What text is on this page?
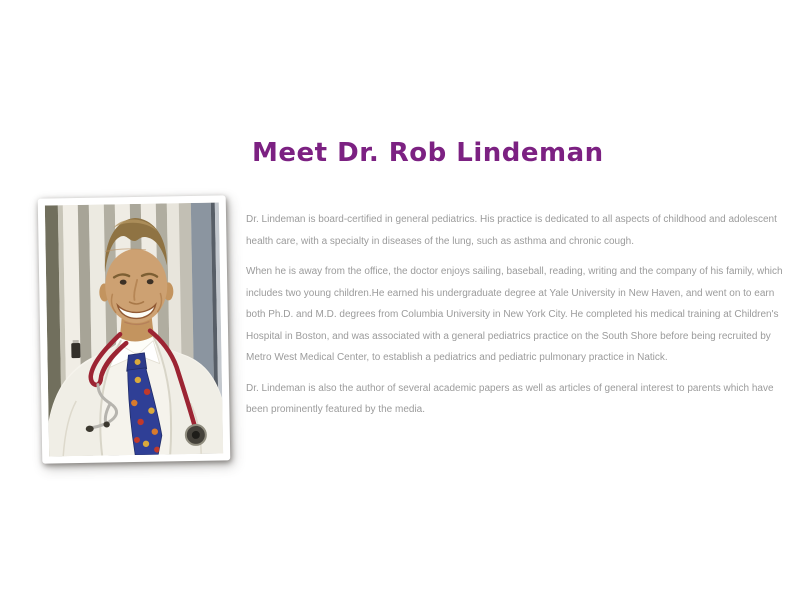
Meet Dr. Rob Lindeman

Dr. Lindeman is board-certified in general pediatrics. His practice is dedicated to all aspects of childhood and adolescent health care, with a specialty in diseases of the lung, such as asthma and chronic cough.

When he is away from the office, the doctor enjoys sailing, baseball, reading, writing and the company of his family, which includes two young children.He earned his undergraduate degree at Yale University in New Haven, and went on to earn both Ph.D. and M.D. degrees from Columbia University in New York City. He completed his medical training at Children's Hospital in Boston, and was associated with a general pediatrics practice on the South Shore before being recruited by Metro West Medical Center, to establish a pediatrics and pediatric pulmonary practice in Natick.

Dr. Lindeman is also the author of several academic papers as well as articles of general interest to parents which have been prominently featured by the media.
